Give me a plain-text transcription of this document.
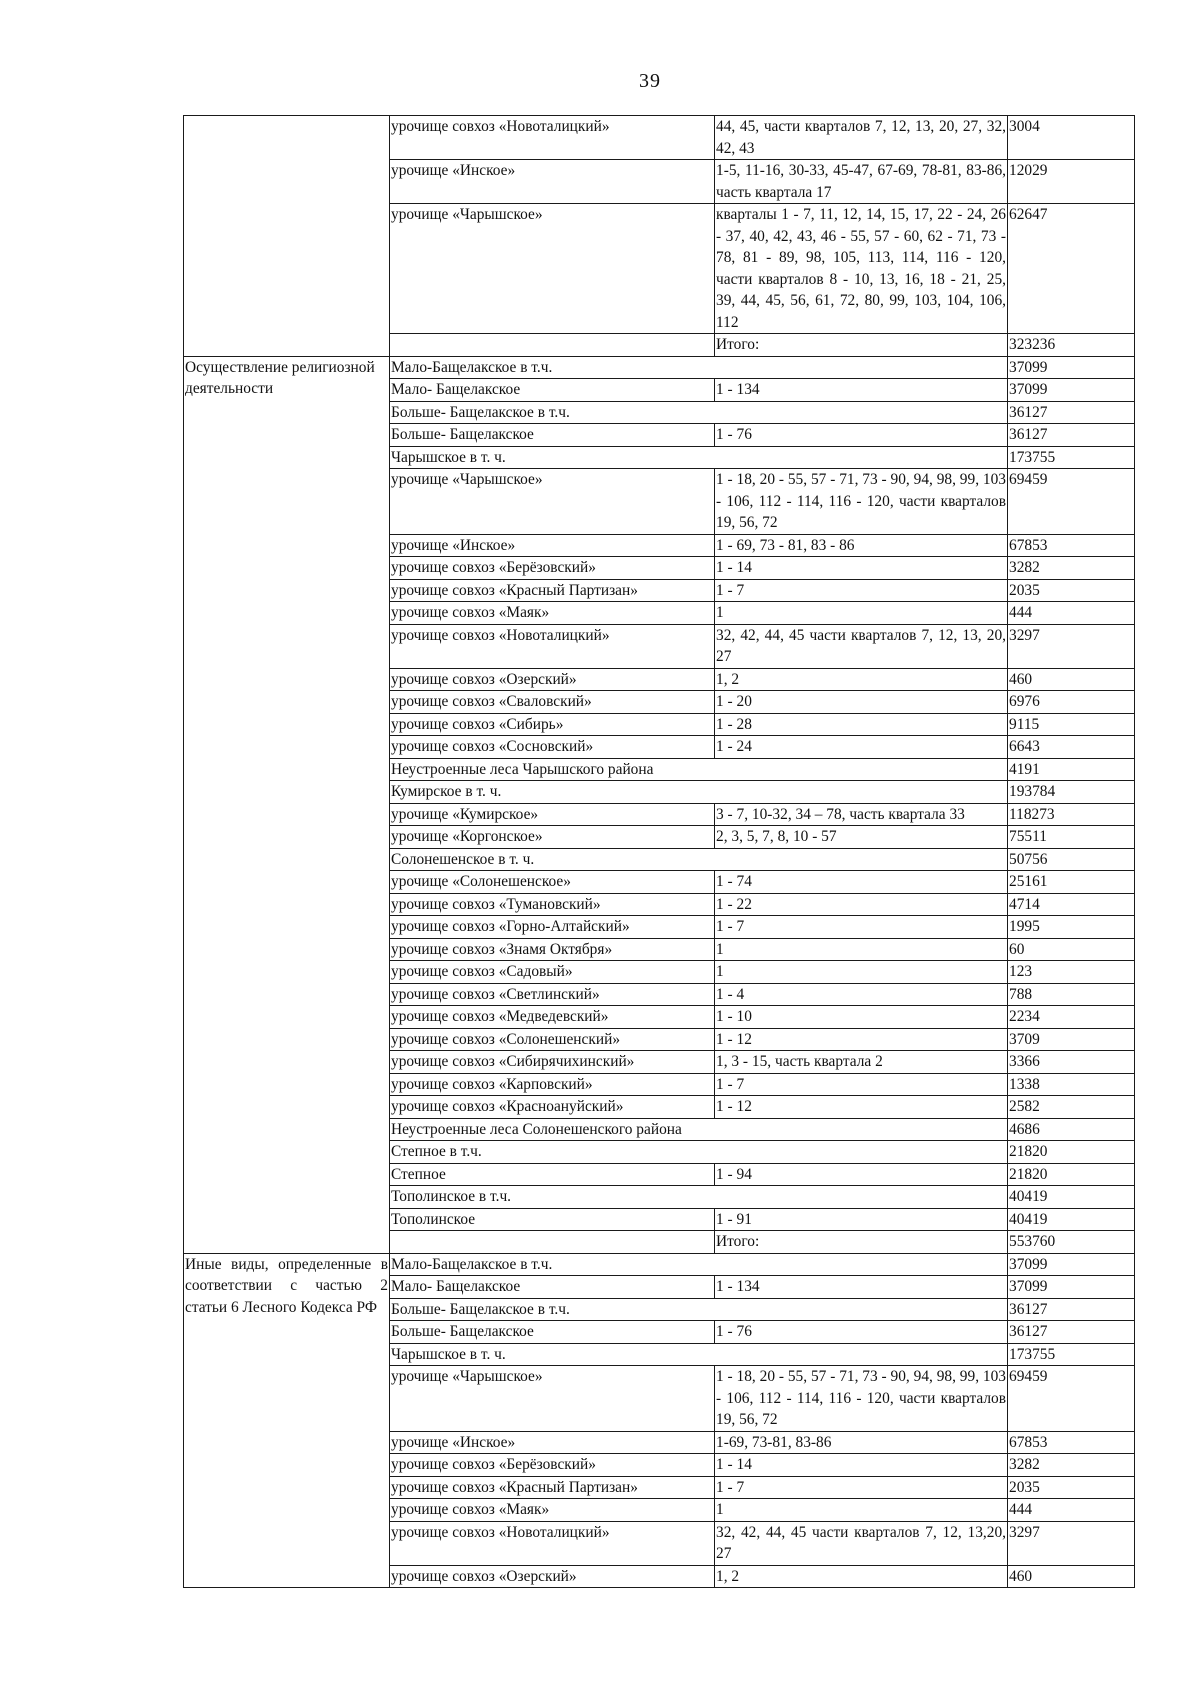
39
	урочище совхоз «Новоталицкий»	44, 45, части кварталов 7, 12, 13, 20, 27, 32, 42, 43	3004
	урочище «Инское»	1-5, 11-16, 30-33, 45-47, 67-69, 78-81, 83-86, часть квартала 17	12029
	урочище «Чарышское»	кварталы 1 - 7, 11, 12, 14, 15, 17, 22 - 24, 26 - 37, 40, 42, 43, 46 - 55, 57 - 60, 62 - 71, 73 - 78, 81 - 89, 98, 105, 113, 114, 116 - 120, части кварталов 8 - 10, 13, 16, 18 - 21, 25, 39, 44, 45, 56, 61, 72, 80, 99, 103, 104, 106, 112	62647
		Итого:	323236
Осуществление религиозной деятельности	Мало-Бащелакское в т.ч.		37099
	Мало- Бащелакское	1 - 134	37099
	Больше- Бащелакское в т.ч.		36127
	Больше- Бащелакское	1 - 76	36127
	Чарышское в т. ч.		173755
	урочище «Чарышское»	1 - 18, 20 - 55, 57 - 71, 73 - 90, 94, 98, 99, 103 - 106, 112 - 114, 116 - 120, части кварталов 19, 56, 72	69459
	урочище «Инское»	1 - 69, 73 - 81, 83 - 86	67853
	урочище совхоз «Берёзовский»	1 - 14	3282
	урочище совхоз «Красный Партизан»	1 - 7	2035
	урочище совхоз «Маяк»	1	444
	урочище совхоз «Новоталицкий»	32, 42, 44, 45 части кварталов 7, 12, 13, 20, 27	3297
	урочище совхоз «Озерский»	1, 2	460
	урочище совхоз «Сваловский»	1 - 20	6976
	урочище совхоз «Сибирь»	1 - 28	9115
	урочище совхоз «Сосновский»	1 - 24	6643
	Неустроенные леса Чарышского района		4191
	Кумирское в т. ч.		193784
	урочище «Кумирское»	3 - 7, 10-32, 34 – 78, часть квартала 33	118273
	урочище «Коргонское»	2, 3, 5, 7, 8, 10 - 57	75511
	Солонешенское в т. ч.		50756
	урочище «Солонешенское»	1 - 74	25161
	урочище совхоз «Тумановский»	1 - 22	4714
	урочище совхоз «Горно-Алтайский»	1 - 7	1995
	урочище совхоз «Знамя Октября»	1	60
	урочище совхоз «Садовый»	1	123
	урочище совхоз «Светлинский»	1 - 4	788
	урочище совхоз «Медведевский»	1 - 10	2234
	урочище совхоз «Солонешенский»	1 - 12	3709
	урочище совхоз «Сибирячихинский»	1, 3 - 15, часть квартала 2	3366
	урочище совхоз «Карповский»	1 - 7	1338
	урочище совхоз «Красноануйский»	1 - 12	2582
	Неустроенные леса Солонешенского района		4686
	Степное в т.ч.		21820
	Степное	1 - 94	21820
	Тополинское в т.ч.		40419
	Тополинское	1 - 91	40419
		Итого:	553760
Иные виды, определенные в соответствии с частью 2 статьи 6 Лесного Кодекса РФ	Мало-Бащелакское в т.ч.		37099
	Мало- Бащелакское	1 - 134	37099
	Больше- Бащелакское в т.ч.		36127
	Больше- Бащелакское	1 - 76	36127
	Чарышское в т. ч.		173755
	урочище «Чарышское»	1 - 18, 20 - 55, 57 - 71, 73 - 90, 94, 98, 99, 103 - 106, 112 - 114, 116 - 120, части кварталов 19, 56, 72	69459
	урочище «Инское»	1-69, 73-81, 83-86	67853
	урочище совхоз «Берёзовский»	1 - 14	3282
	урочище совхоз «Красный Партизан»	1 - 7	2035
	урочище совхоз «Маяк»	1	444
	урочище совхоз «Новоталицкий»	32, 42, 44, 45 части кварталов 7, 12, 13,20, 27	3297
	урочище совхоз «Озерский»	1, 2	460
